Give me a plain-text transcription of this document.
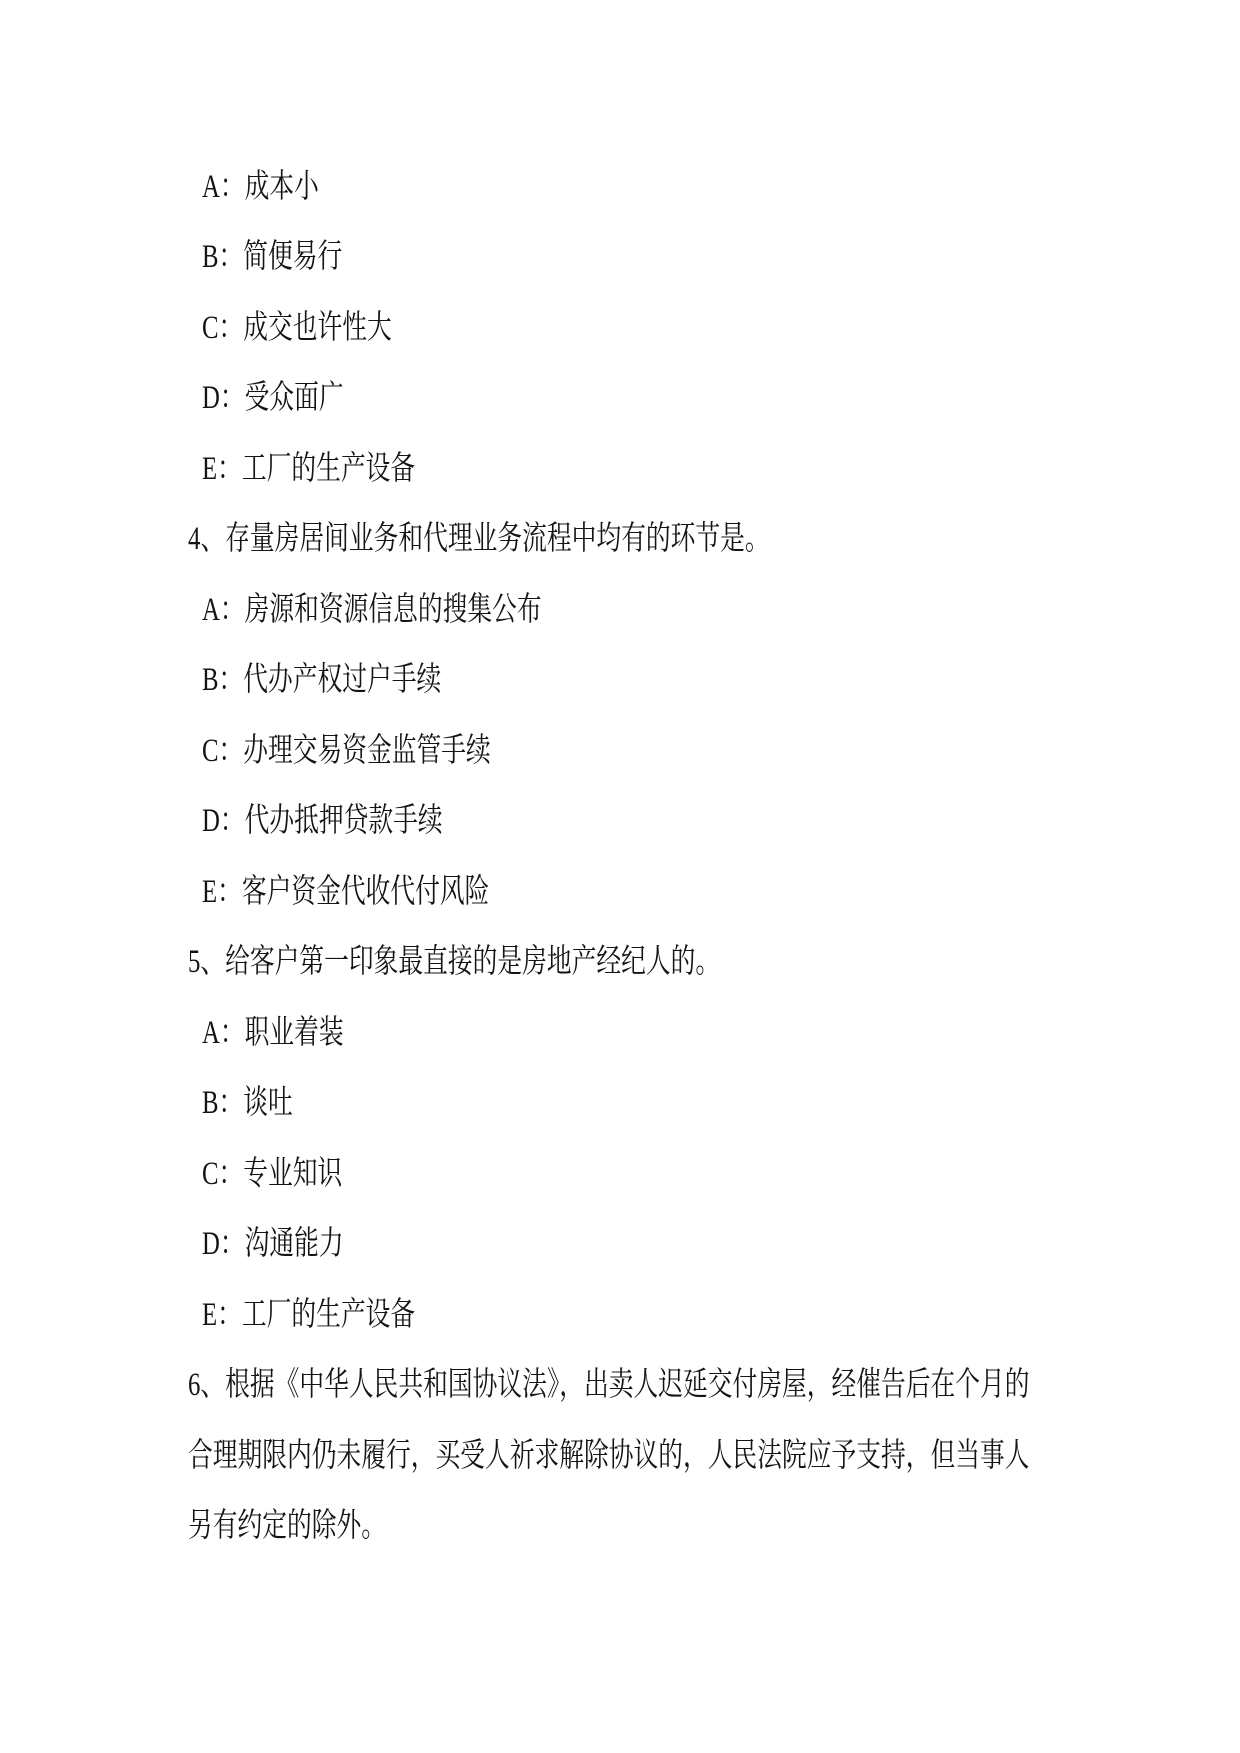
A：成本小
B：简便易行
C：成交也许性大
D：受众面广
E：工厂的生产设备
4、存量房居间业务和代理业务流程中均有的环节是。
A：房源和资源信息的搜集公布
B：代办产权过户手续
C：办理交易资金监管手续
D：代办抵押贷款手续
E：客户资金代收代付风险
5、给客户第一印象最直接的是房地产经纪人的。
A：职业着装
B：谈吐
C：专业知识
D：沟通能力
E：工厂的生产设备
6、根据《中华人民共和国协议法》，出卖人迟延交付房屋，经催告后在个月的
合理期限内仍未履行，买受人祈求解除协议的，人民法院应予支持，但当事人
另有约定的除外。
